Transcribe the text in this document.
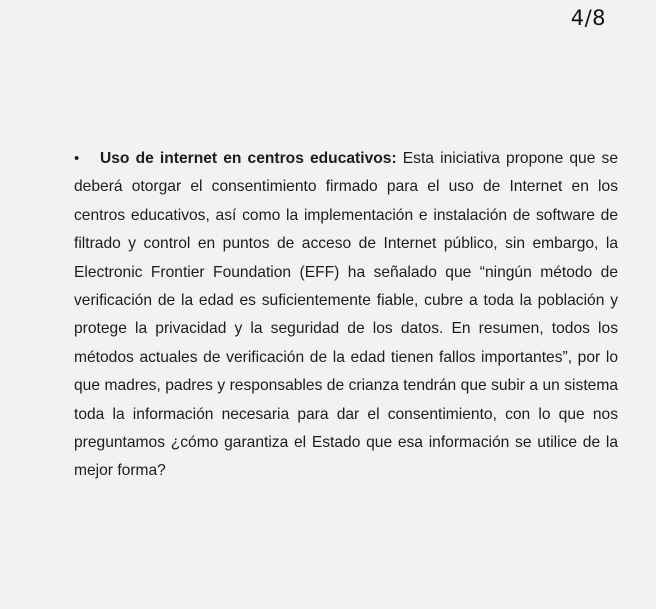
4/8

• Uso de internet en centros educativos: Esta iniciativa propone que se deberá otorgar el consentimiento firmado para el uso de Internet en los centros educativos, así como la implementación e instalación de software de filtrado y control en puntos de acceso de Internet público, sin embargo, la Electronic Frontier Foundation (EFF) ha señalado que “ningún método de verificación de la edad es suficientemente fiable, cubre a toda la población y protege la privacidad y la seguridad de los datos. En resumen, todos los métodos actuales de verificación de la edad tienen fallos importantes”, por lo que madres, padres y responsables de crianza tendrán que subir a un sistema toda la información necesaria para dar el consentimiento, con lo que nos preguntamos ¿cómo garantiza el Estado que esa información se utilice de la mejor forma?
